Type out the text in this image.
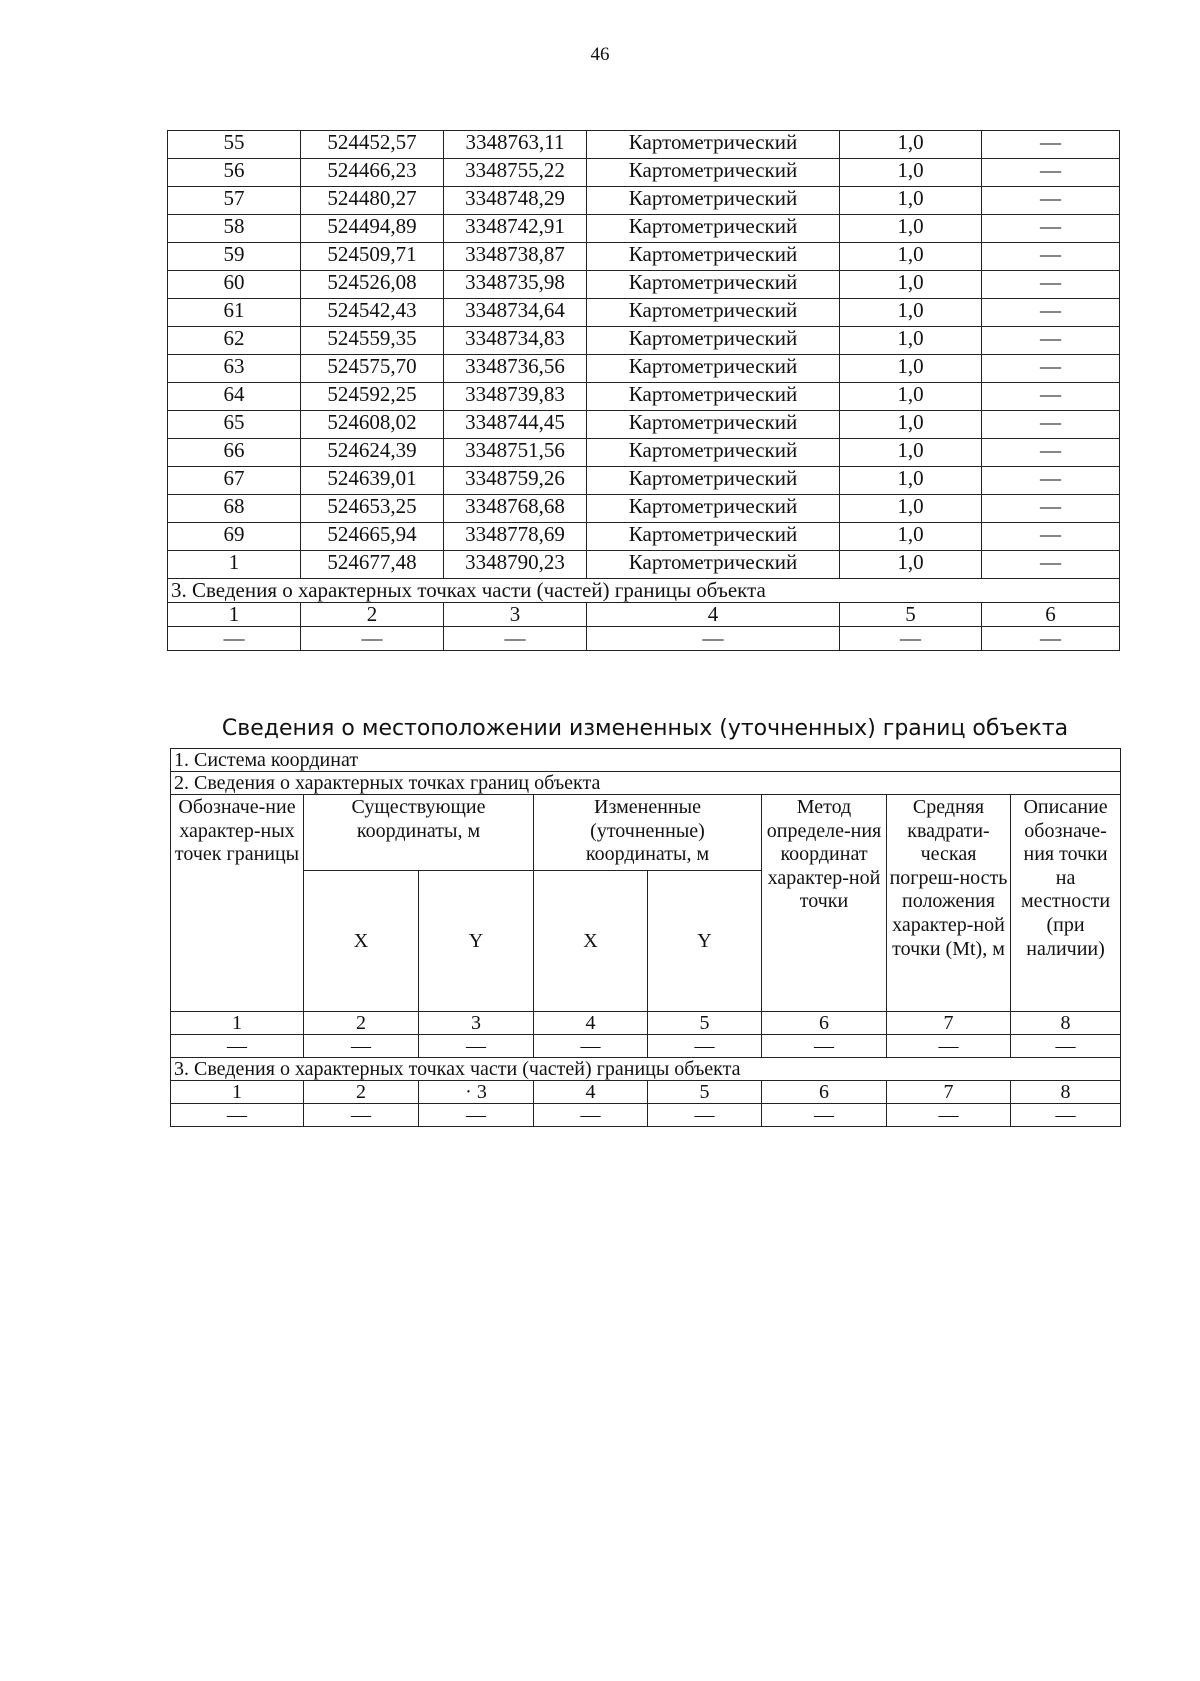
46
55	524452,57	3348763,11	Картометрический	1,0	—
56	524466,23	3348755,22	Картометрический	1,0	—
57	524480,27	3348748,29	Картометрический	1,0	—
58	524494,89	3348742,91	Картометрический	1,0	—
59	524509,71	3348738,87	Картометрический	1,0	—
60	524526,08	3348735,98	Картометрический	1,0	—
61	524542,43	3348734,64	Картометрический	1,0	—
62	524559,35	3348734,83	Картометрический	1,0	—
63	524575,70	3348736,56	Картометрический	1,0	—
64	524592,25	3348739,83	Картометрический	1,0	—
65	524608,02	3348744,45	Картометрический	1,0	—
66	524624,39	3348751,56	Картометрический	1,0	—
67	524639,01	3348759,26	Картометрический	1,0	—
68	524653,25	3348768,68	Картометрический	1,0	—
69	524665,94	3348778,69	Картометрический	1,0	—
1	524677,48	3348790,23	Картометрический	1,0	—
3. Сведения о характерных точках части (частей) границы объекта					
1	2	3	4	5	6
—	—	—	—	—	—
Сведения о местоположении измененных (уточненных) границ объекта
1. Система координат							
2. Сведения о характерных точках границ объекта							
Обозначе-ние характер-ных точек границы	Существующие координаты, м		Измененные (уточненные) координаты, м		Метод определе-ния координат характер-ной точки	Средняя квадрати-ческая погреш-ность положения характер-ной точки (Mt), м	Описание обозначе-ния точки на местности (при наличии)
	X	Y	X	Y			
1	2	3	4	5	6	7	8
—	—	—	—	—	—	—	—
3. Сведения о характерных точках части (частей) границы объекта							
1	2	· 3	4	5	6	7	8
—	—	—	—	—	—	—	—
